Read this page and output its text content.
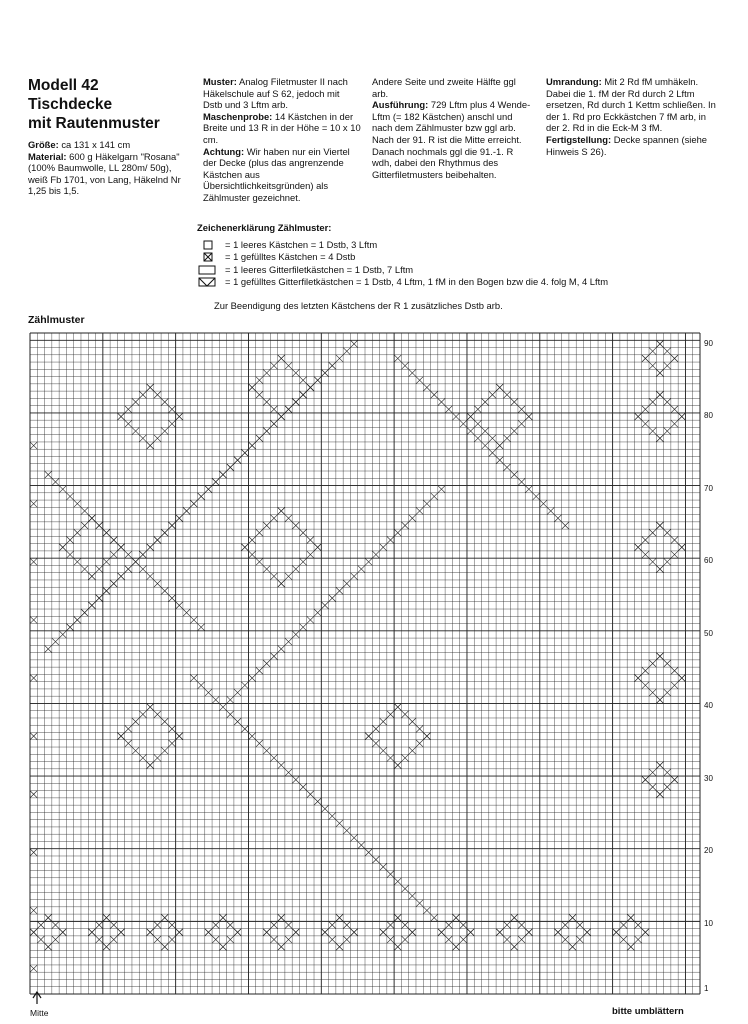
Modell 42
Tischdecke
mit Rautenmuster

Größe: ca 131 x 141 cm

Material: 600 g Häkelgarn "Rosana" (100% Baumwolle, LL 280m/ 50g), weiß Fb 1701, von Lang, Häkelnd Nr 1,25 bis 1,5.

Muster: Analog Filetmuster II nach Häkelschule auf S 62, jedoch mit Dstb und 3 Lftm arb.

Maschenprobe: 14 Kästchen in der Breite und 13 R in der Höhe = 10 x 10 cm.

Achtung: Wir haben nur ein Viertel der Decke (plus das angrenzende Kästchen aus Übersichtlichkeitsgründen) als Zählmuster gezeichnet.

Andere Seite und zweite Hälfte ggl arb.

Ausführung: 729 Lftm plus 4 Wende-Lftm (= 182 Kästchen) anschl und nach dem Zählmuster bzw ggl arb. Nach der 91. R ist die Mitte erreicht. Danach nochmals ggl die 91.-1. R wdh, dabei den Rhythmus des Gitterfiletmusters beibehalten.

Umrandung: Mit 2 Rd fM umhäkeln. Dabei die 1. fM der Rd durch 2 Lftm ersetzen, Rd durch 1 Kettm schließen. In der 1. Rd pro Eckkästchen 7 fM arb, in der 2. Rd in die Eck-M 3 fM.

Fertigstellung: Decke spannen (siehe Hinweis S 26).

Zeichenerklärung Zählmuster:
= 1 leeres Kästchen = 1 Dstb, 3 Lftm
= 1 gefülltes Kästchen = 4 Dstb
= 1 leeres Gitterfiletkästchen = 1 Dstb, 7 Lftm
= 1 gefülltes Gitterfiletkästchen = 1 Dstb, 4 Lftm, 1 fM in den Bogen bzw die 4. folg M, 4 Lftm
Zur Beendigung des letzten Kästchens der R 1 zusätzliches Dstb arb.
Zählmuster
90
80
70
60
50
40
30
20
10
1
Mitte	bitte umblättern
